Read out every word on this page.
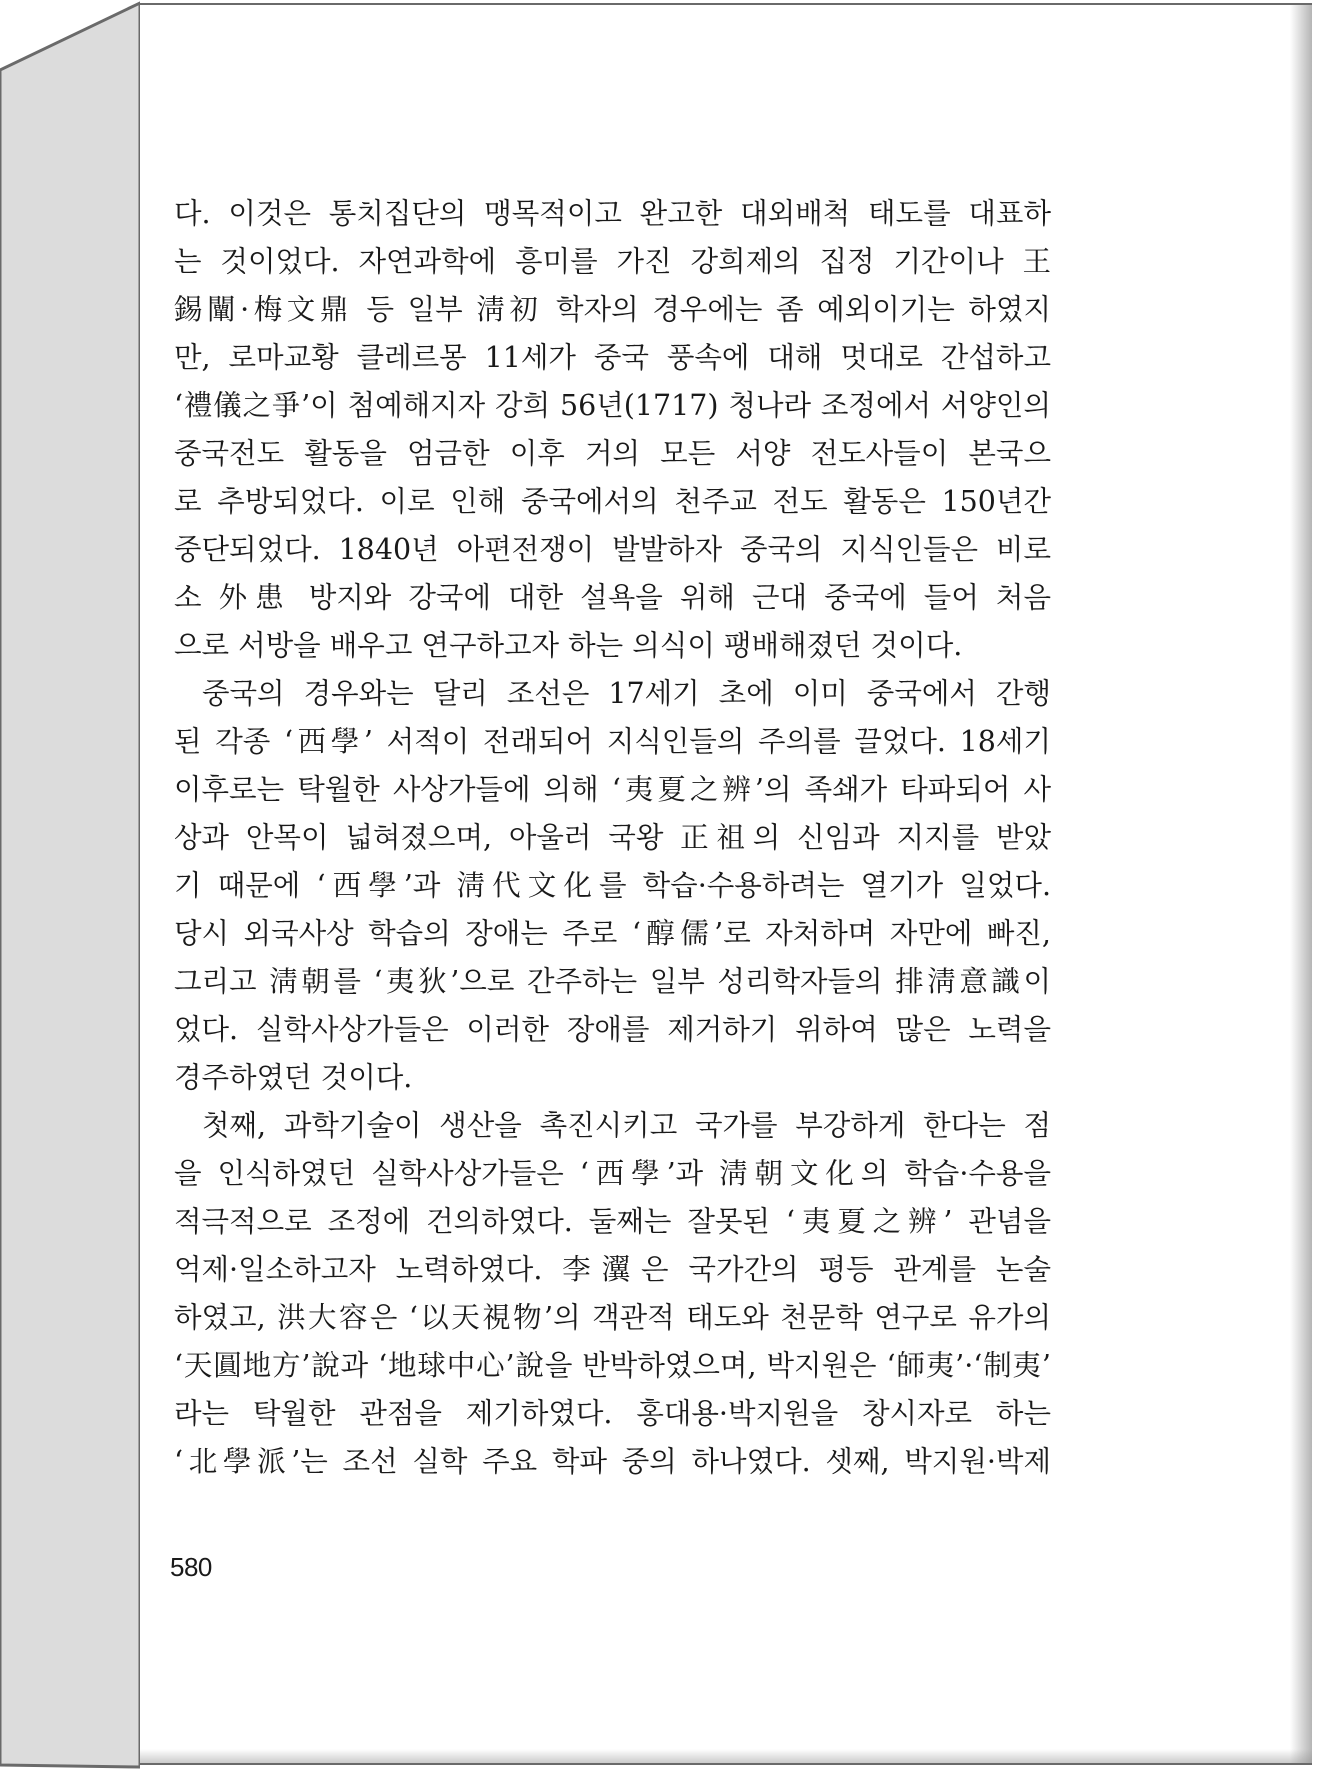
다. 이것은 통치집단의 맹목적이고 완고한 대외배척 태도를 대표하
는 것이었다. 자연과학에 흥미를 가진 강희제의 집정 기간이나 王
錫闡·梅文鼎 등 일부 淸初 학자의 경우에는 좀 예외이기는 하였지
만, 로마교황 클레르몽 11세가 중국 풍속에 대해 멋대로 간섭하고
‘禮儀之爭’이 첨예해지자 강희 56년(1717) 청나라 조정에서 서양인의
중국전도 활동을 엄금한 이후 거의 모든 서양 전도사들이 본국으
로 추방되었다. 이로 인해 중국에서의 천주교 전도 활동은 150년간
중단되었다. 1840년 아편전쟁이 발발하자 중국의 지식인들은 비로
소 外患 방지와 강국에 대한 설욕을 위해 근대 중국에 들어 처음
으로 서방을 배우고 연구하고자 하는 의식이 팽배해졌던 것이다.
중국의 경우와는 달리 조선은 17세기 초에 이미 중국에서 간행
된 각종 ‘西學’ 서적이 전래되어 지식인들의 주의를 끌었다. 18세기
이후로는 탁월한 사상가들에 의해 ‘夷夏之辨’의 족쇄가 타파되어 사
상과 안목이 넓혀졌으며, 아울러 국왕 正祖의 신임과 지지를 받았
기 때문에 ‘西學’과 淸代文化를 학습·수용하려는 열기가 일었다.
당시 외국사상 학습의 장애는 주로 ‘醇儒’로 자처하며 자만에 빠진,
그리고 淸朝를 ‘夷狄’으로 간주하는 일부 성리학자들의 排淸意識이
었다. 실학사상가들은 이러한 장애를 제거하기 위하여 많은 노력을
경주하였던 것이다.
첫째, 과학기술이 생산을 촉진시키고 국가를 부강하게 한다는 점
을 인식하였던 실학사상가들은 ‘西學’과 淸朝文化의 학습·수용을
적극적으로 조정에 건의하였다. 둘째는 잘못된 ‘夷夏之辨’ 관념을
억제·일소하고자 노력하였다. 李瀷은 국가간의 평등 관계를 논술
하였고, 洪大容은 ‘以天視物’의 객관적 태도와 천문학 연구로 유가의
‘天圓地方’說과 ‘地球中心’說을 반박하였으며, 박지원은 ‘師夷’·‘制夷’
라는 탁월한 관점을 제기하였다. 홍대용·박지원을 창시자로 하는
‘北學派’는 조선 실학 주요 학파 중의 하나였다. 셋째, 박지원·박제
580
